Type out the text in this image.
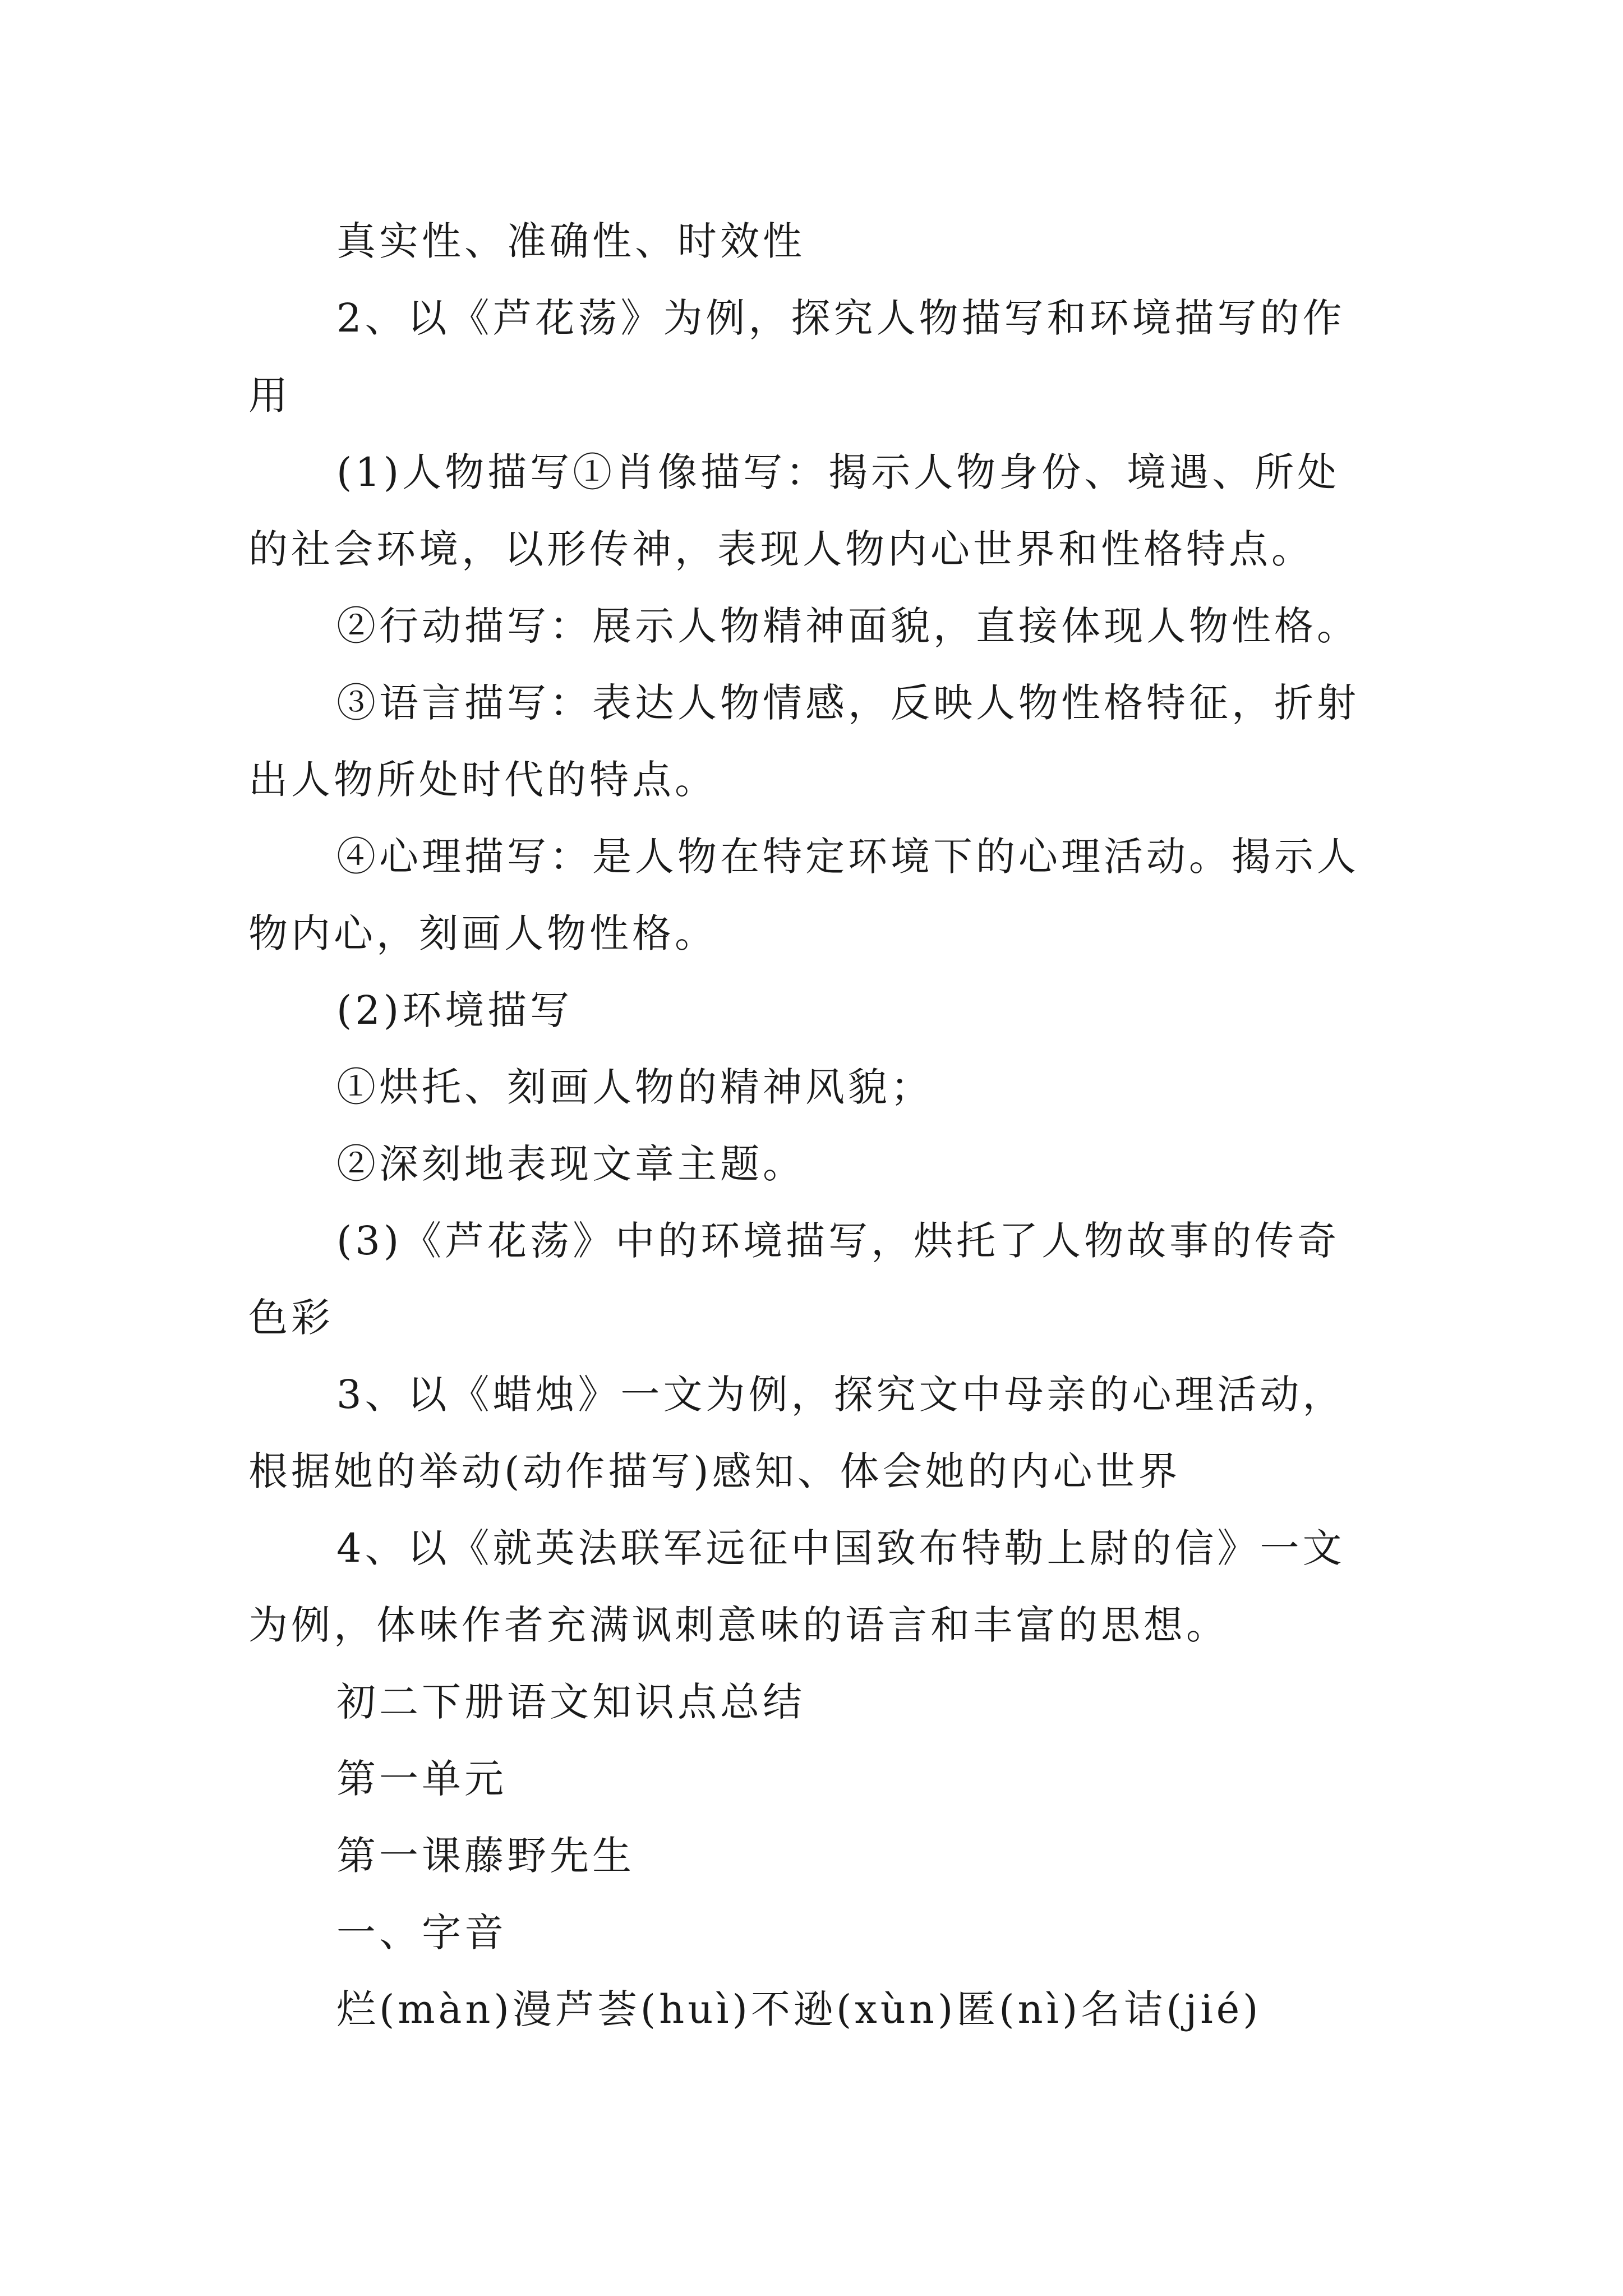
真实性、准确性、时效性

2、以《芦花荡》为例，探究人物描写和环境描写的作

用

(1)人物描写①肖像描写：揭示人物身份、境遇、所处

的社会环境，以形传神，表现人物内心世界和性格特点。

②行动描写：展示人物精神面貌，直接体现人物性格。

③语言描写：表达人物情感，反映人物性格特征，折射

出人物所处时代的特点。

④心理描写：是人物在特定环境下的心理活动。揭示人

物内心，刻画人物性格。

(2)环境描写

①烘托、刻画人物的精神风貌；

②深刻地表现文章主题。

(3)《芦花荡》中的环境描写，烘托了人物故事的传奇

色彩

3、以《蜡烛》一文为例，探究文中母亲的心理活动，

根据她的举动(动作描写)感知、体会她的内心世界

4、以《就英法联军远征中国致布特勒上尉的信》一文

为例，体味作者充满讽刺意味的语言和丰富的思想。

初二下册语文知识点总结

第一单元

第一课藤野先生

一、字音

烂(màn)漫芦荟(huì)不逊(xùn)匿(nì)名诘(jié)
